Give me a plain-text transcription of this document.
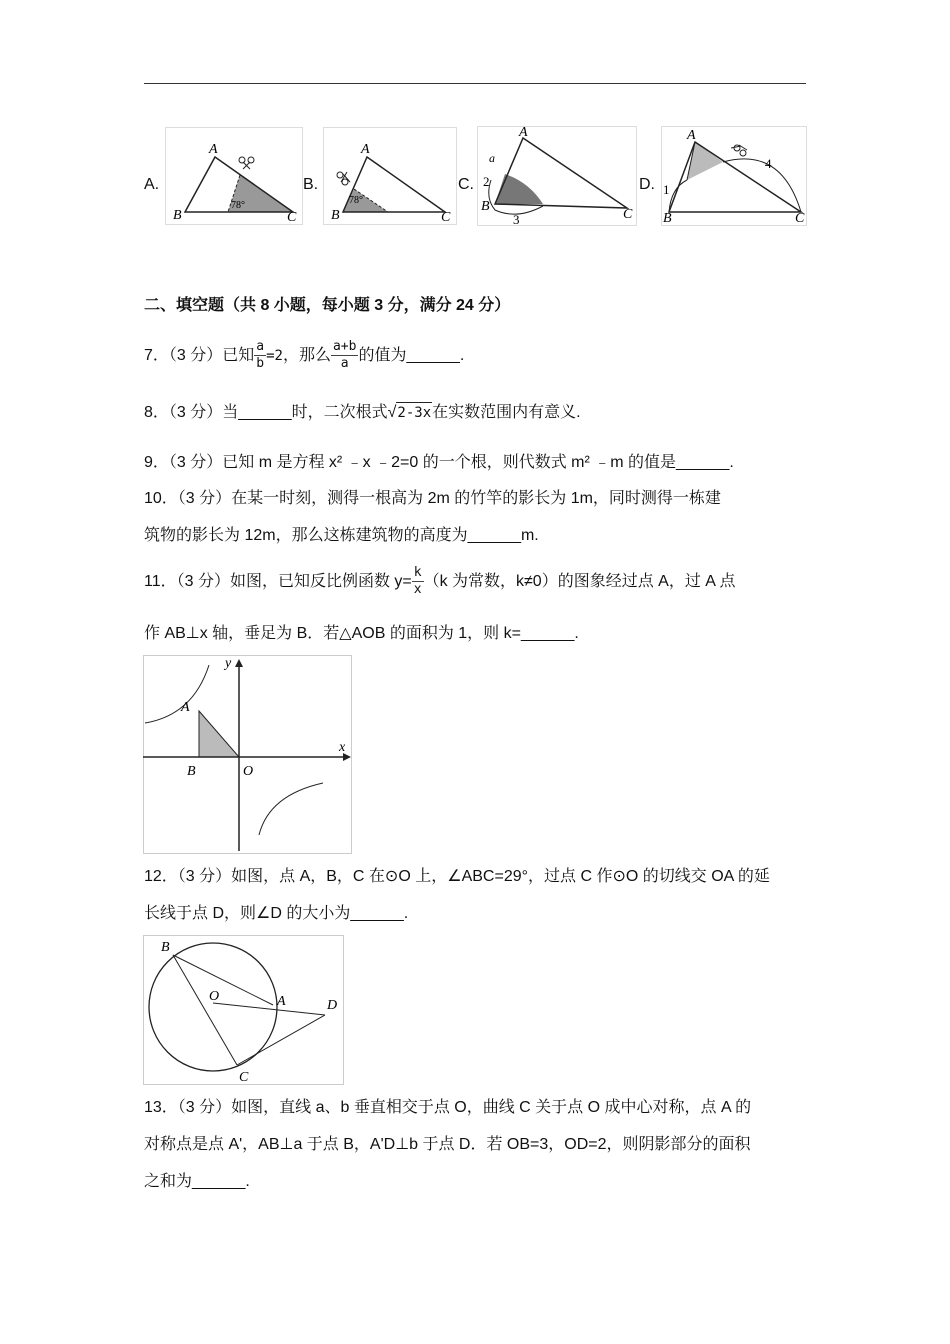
A.
A
B	C
78°
B.
A
B	C
78°
C.
A
B
C
a
2
3
D.
A
B	C
1
4
二、填空题（共 8 小题，每小题 3 分，满分 24 分）
7．（3 分）已知 $\frac{a}{b} =2$，那么 $\frac{a+b}{a}$ 的值为______.
8．（3 分）当______时，二次根式√2-3x在实数范围内有意义.
9．（3 分）已知 m 是方程 x² ﹣x ﹣2=0 的一个根，则代数式 m² ﹣m 的值是______.
10．（3 分）在某一时刻，测得一根高为 2m 的竹竿的影长为 1m，同时测得一栋建
筑物的影长为 12m，那么这栋建筑物的高度为______m.
11．（3 分）如图，已知反比例函数 $y= \frac{k}{x} (k$ 为常数，k≠0）的图象经过点 A，过 A 点
作 AB⊥x 轴，垂足为 B．若△AOB 的面积为 1，则 k=______.
y
x
A
B	O
12．（3 分）如图，点 A，B，C 在⊙O 上，∠ABC=29°，过点 C 作⊙O 的切线交 OA 的延
长线于点 D，则∠D 的大小为______.
B
O	A	D
C
13．（3 分）如图，直线 a、b 垂直相交于点 O，曲线 C 关于点 O 成中心对称，点 A 的
对称点是点 A'，AB⊥a 于点 B，A'D⊥b 于点 D．若 OB=3，OD=2，则阴影部分的面积
之和为______.
